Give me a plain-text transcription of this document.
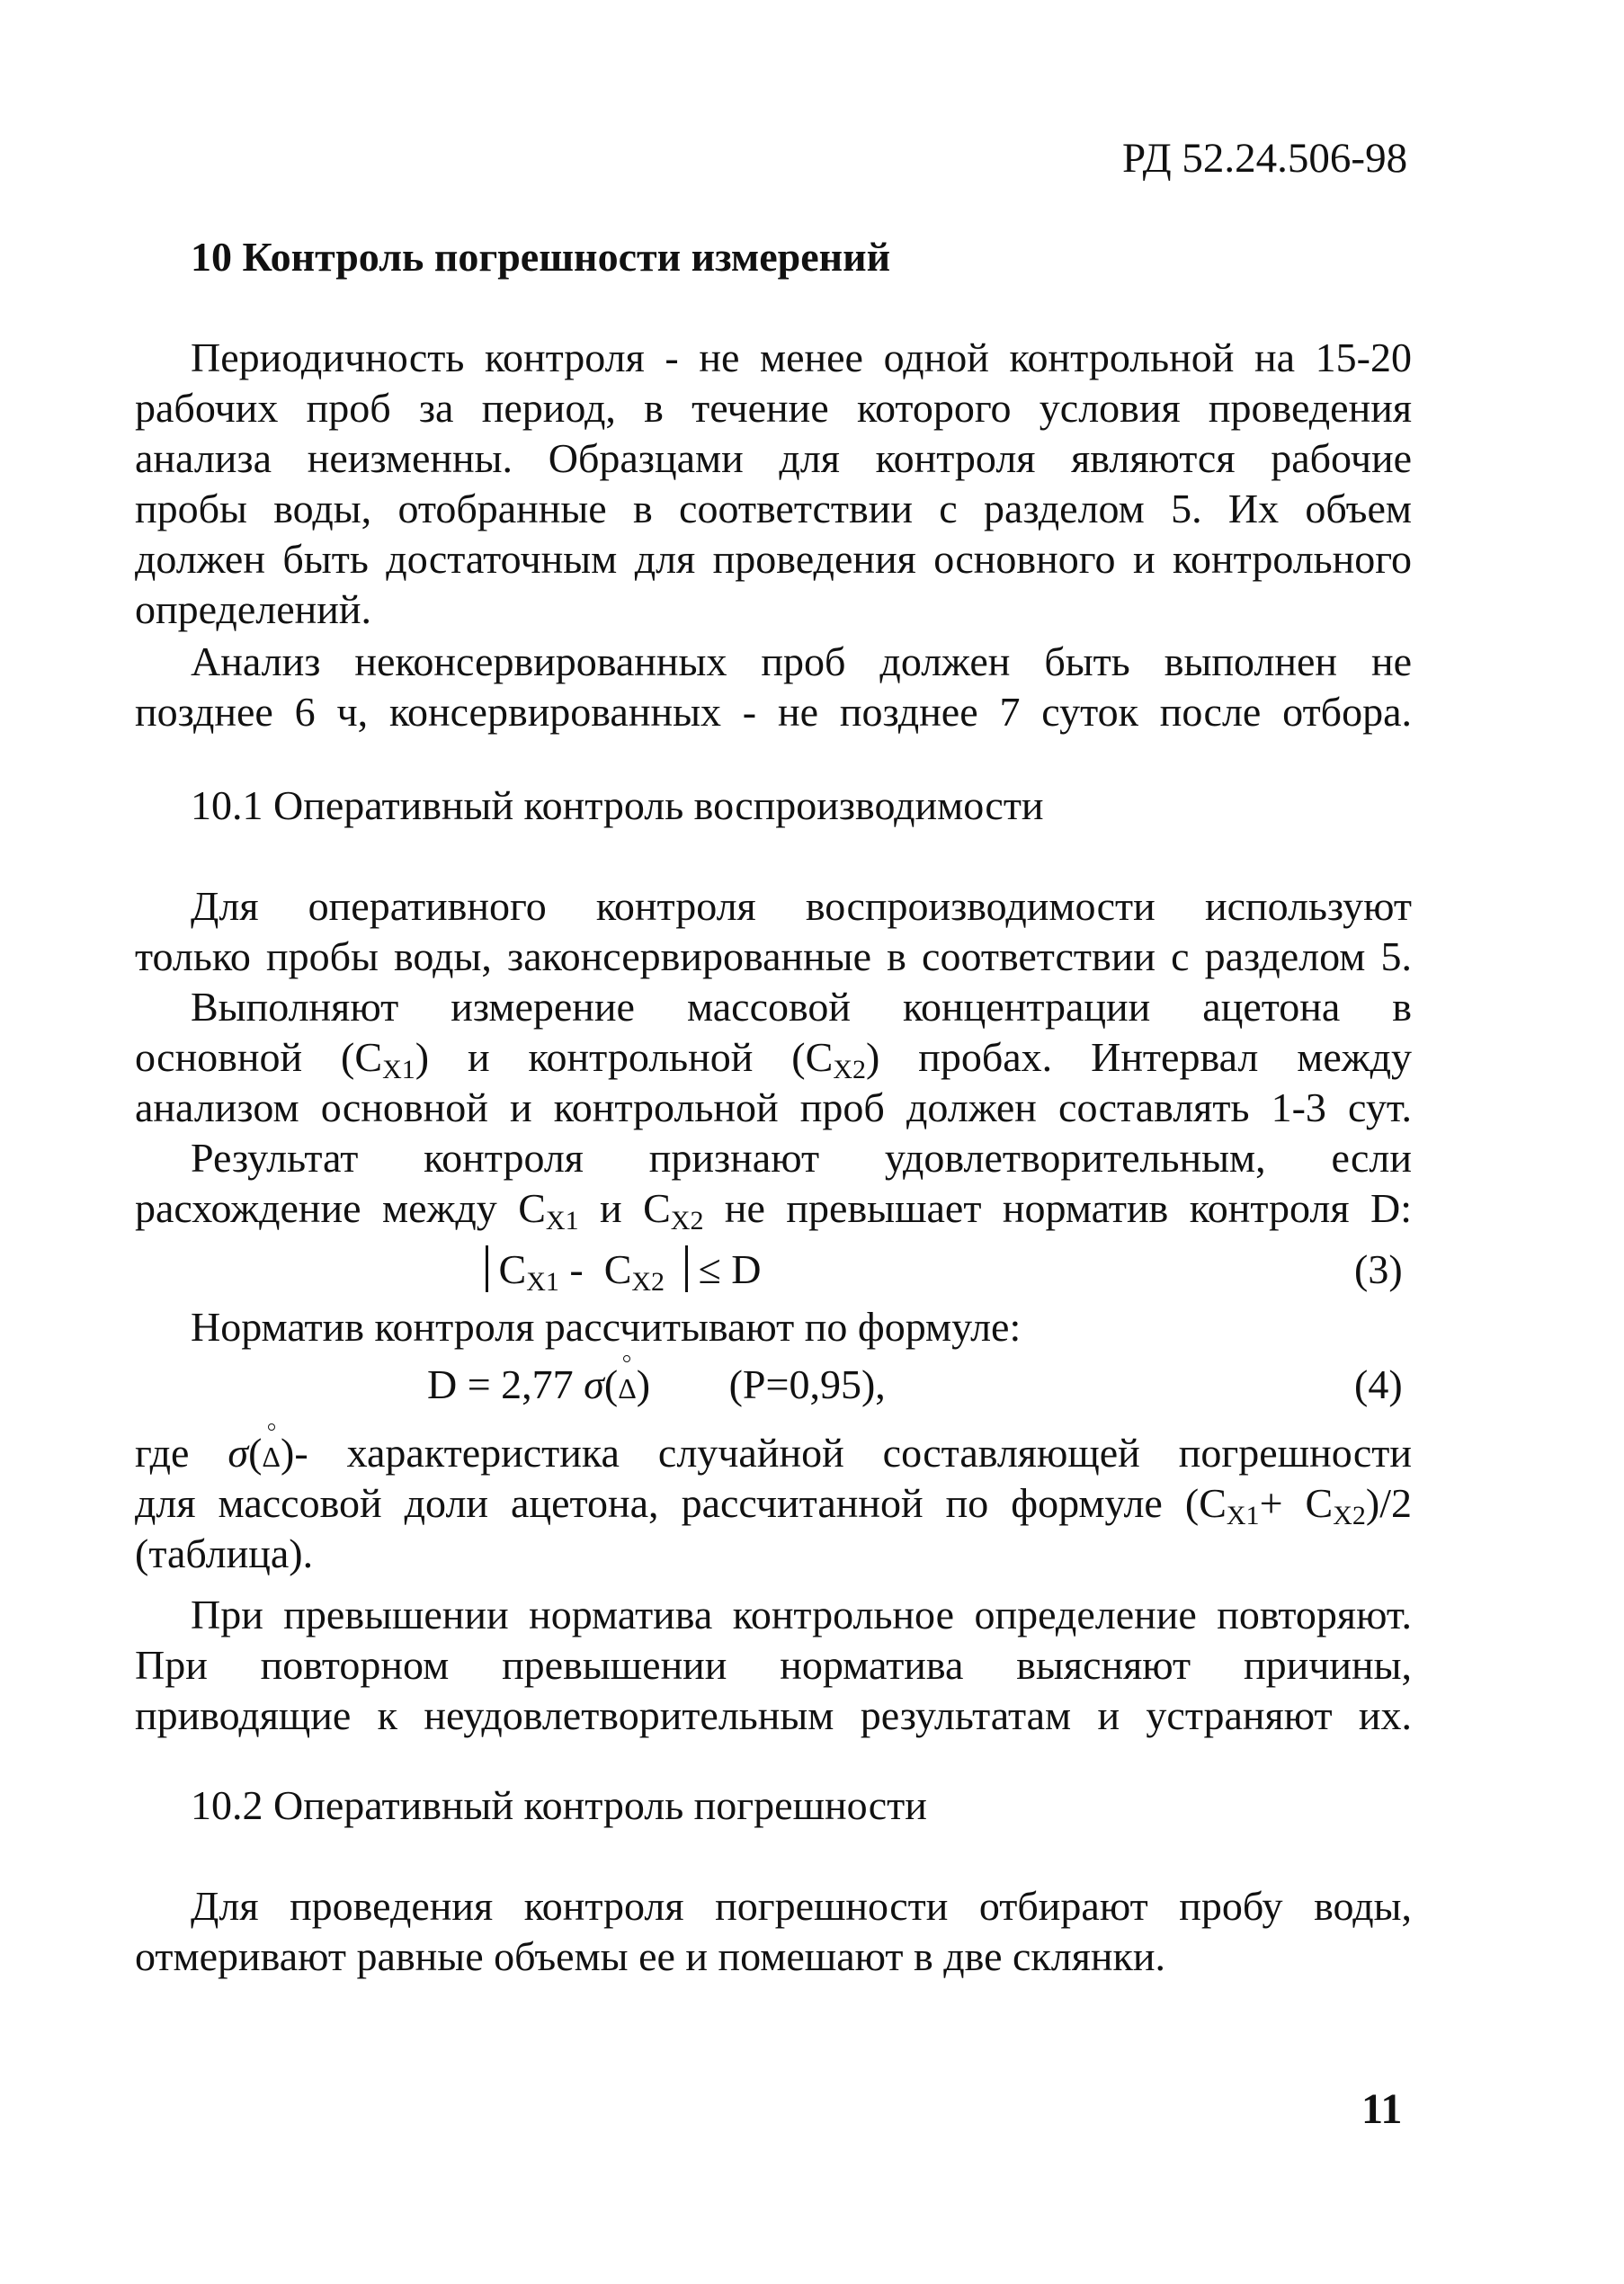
РД 52.24.506-98
10 Контроль погрешности измерений
Периодичность контроля - не менее одной контрольной на 15-20
рабочих проб за период, в течение которого условия проведения
анализа неизменны. Образцами для контроля являются рабочие
пробы воды, отобранные в соответствии с разделом 5. Их объем
должен быть достаточным для проведения основного и контрольного
определений.
Анализ неконсервированных проб должен быть выполнен не
позднее 6 ч, консервированных - не позднее 7 суток после отбора.
10.1 Оперативный контроль воспроизводимости
Для оперативного контроля воспроизводимости используют
только пробы воды, законсервированные в соответствии с разделом 5.
Выполняют измерение массовой концентрации ацетона в
основной $(C_{X1})$ и контрольной $(C_{X2})$ пробах. Интервал между
анализом основной и контрольной проб должен составлять 1-3 сут.
Результат контроля признают удовлетворительным, если
расхождение между $C_{X1}$ и $C_{X2}$ не превышает норматив контроля D:
$C_{X1} - C_{X2} \le D$	(3)
Норматив контроля рассчитывают по формуле:
D = 2,77 σ(Δ) (P=0,95),	(4)
где σ(Δ)- характеристика случайной составляющей погрешности
для массовой доли ацетона, рассчитанной по формуле $(C_{X1}+ C_{X2})/2$
(таблица).
При превышении норматива контрольное определение повторяют.
При повторном превышении норматива выясняют причины,
приводящие к неудовлетворительным результатам и устраняют их.
10.2 Оперативный контроль погрешности
Для проведения контроля погрешности отбирают пробу воды,
отмеривают равные объемы ее и помешают в две склянки.
11
